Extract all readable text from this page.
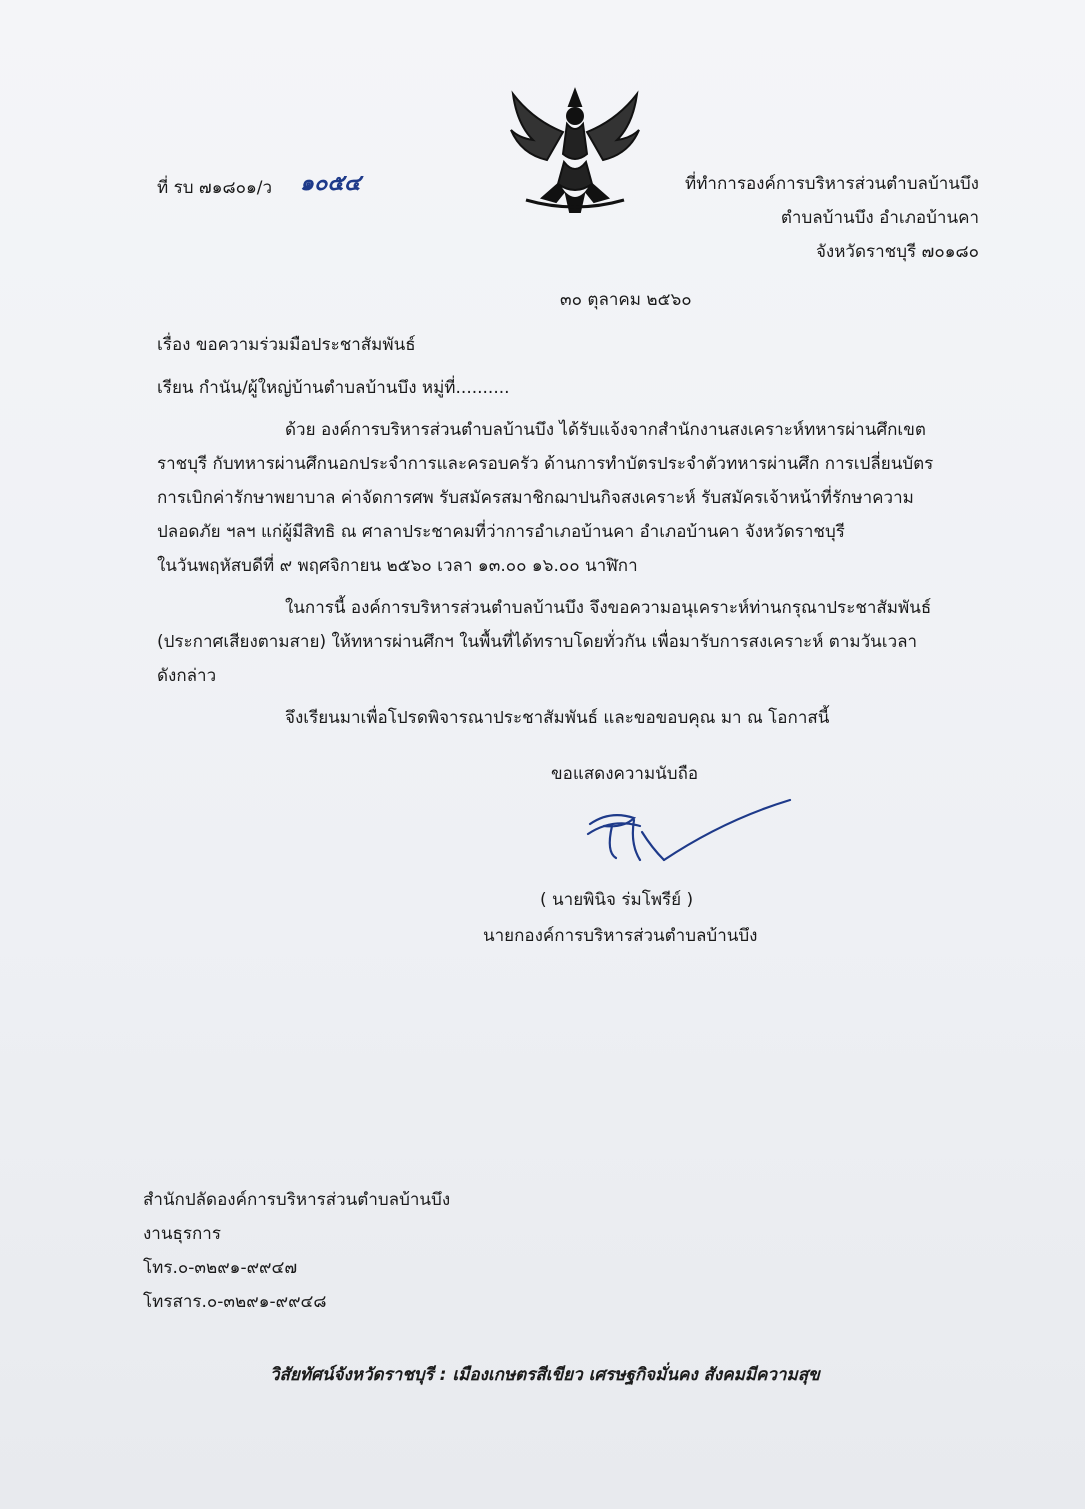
ที่ รบ ๗๑๘๐๑/ว ๑๐๕๔	ที่ทำการองค์การบริหารส่วนตำบลบ้านบึง
ตำบลบ้านบึง อำเภอบ้านคา
จังหวัดราชบุรี ๗๐๑๘๐
๓๐ ตุลาคม ๒๕๖๐
เรื่อง ขอความร่วมมือประชาสัมพันธ์
เรียน กำนัน/ผู้ใหญ่บ้านตำบลบ้านบึง หมู่ที่..........
ด้วย องค์การบริหารส่วนตำบลบ้านบึง ได้รับแจ้งจากสำนักงานสงเคราะห์ทหารผ่านศึกเขต
ราชบุรี กับทหารผ่านศึกนอกประจำการและครอบครัว ด้านการทำบัตรประจำตัวทหารผ่านศึก การเปลี่ยนบัตร
การเบิกค่ารักษาพยาบาล ค่าจัดการศพ รับสมัครสมาชิกฌาปนกิจสงเคราะห์ รับสมัครเจ้าหน้าที่รักษาความ
ปลอดภัย ฯลฯ แก่ผู้มีสิทธิ ณ ศาลาประชาคมที่ว่าการอำเภอบ้านคา อำเภอบ้านคา จังหวัดราชบุรี
ในวันพฤหัสบดีที่ ๙ พฤศจิกายน ๒๕๖๐ เวลา ๑๓.๐๐ ๑๖.๐๐ นาฬิกา
ในการนี้ องค์การบริหารส่วนตำบลบ้านบึง จึงขอความอนุเคราะห์ท่านกรุณาประชาสัมพันธ์
(ประกาศเสียงตามสาย) ให้ทหารผ่านศึกฯ ในพื้นที่ได้ทราบโดยทั่วกัน เพื่อมารับการสงเคราะห์ ตามวันเวลา
ดังกล่าว
จึงเรียนมาเพื่อโปรดพิจารณาประชาสัมพันธ์ และขอขอบคุณ มา ณ โอกาสนี้
ขอแสดงความนับถือ
( นายพินิจ ร่มโพรีย์ )
นายกองค์การบริหารส่วนตำบลบ้านบึง
สำนักปลัดองค์การบริหารส่วนตำบลบ้านบึง
งานธุรการ
โทร.๐-๓๒๙๑-๙๙๔๗
โทรสาร.๐-๓๒๙๑-๙๙๔๘
วิสัยทัศน์จังหวัดราชบุรี : เมืองเกษตรสีเขียว เศรษฐกิจมั่นคง สังคมมีความสุข
